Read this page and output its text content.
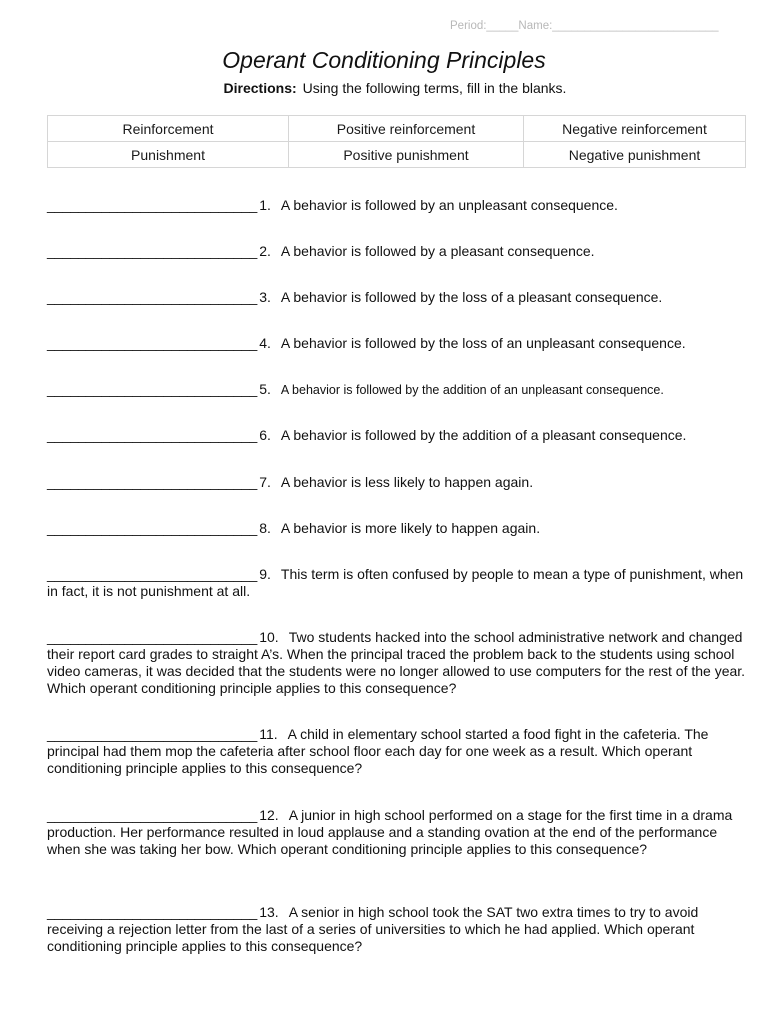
Period:_____Name:__________________________
Operant Conditioning Principles
Directions: Using the following terms, fill in the blanks.
Reinforcement	Positive reinforcement	Negative reinforcement
Punishment	Positive punishment	Negative punishment
___________________________ 1. A behavior is followed by an unpleasant consequence.
___________________________ 2. A behavior is followed by a pleasant consequence.
___________________________ 3. A behavior is followed by the loss of a pleasant consequence.
___________________________ 4. A behavior is followed by the loss of an unpleasant consequence.
___________________________ 5. A behavior is followed by the addition of an unpleasant consequence.
___________________________ 6. A behavior is followed by the addition of a pleasant consequence.
___________________________ 7. A behavior is less likely to happen again.
___________________________ 8. A behavior is more likely to happen again.
___________________________ 9. This term is often confused by people to mean a type of punishment, when in fact, it is not punishment at all.
___________________________ 10. Two students hacked into the school administrative network and changed their report card grades to straight A’s. When the principal traced the problem back to the students using school video cameras, it was decided that the students were no longer allowed to use computers for the rest of the year. Which operant conditioning principle applies to this consequence?
___________________________ 11. A child in elementary school started a food fight in the cafeteria. The principal had them mop the cafeteria after school floor each day for one week as a result. Which operant conditioning principle applies to this consequence?
___________________________ 12. A junior in high school performed on a stage for the first time in a drama production. Her performance resulted in loud applause and a standing ovation at the end of the performance when she was taking her bow. Which operant conditioning principle applies to this consequence?
___________________________ 13. A senior in high school took the SAT two extra times to try to avoid receiving a rejection letter from the last of a series of universities to which he had applied. Which operant conditioning principle applies to this consequence?
